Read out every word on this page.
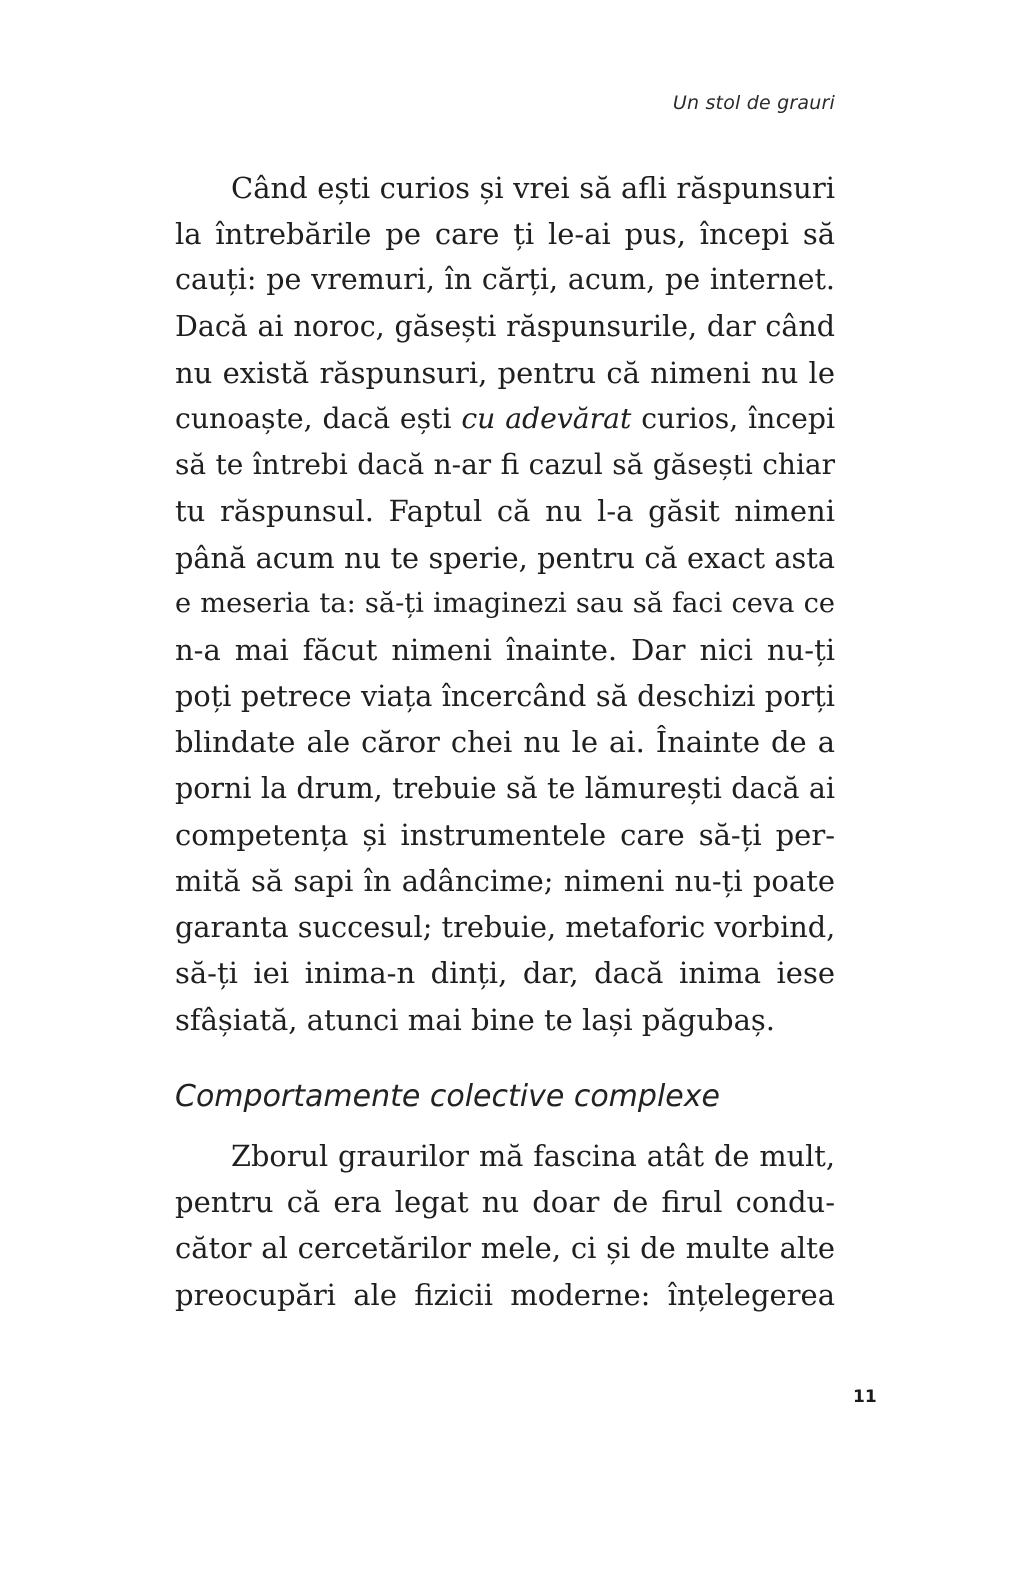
Un stol de grauri
Când ești curios și vrei să afli răspunsuri
la întrebările pe care ți le-ai pus, începi să
cauți: pe vremuri, în cărți, acum, pe internet.
Dacă ai noroc, găsești răspunsurile, dar când
nu există răspunsuri, pentru că nimeni nu le
cunoaște, dacă ești cu adevărat curios, începi
să te întrebi dacă n-ar fi cazul să găsești chiar
tu răspunsul. Faptul că nu l-a găsit nimeni
până acum nu te sperie, pentru că exact asta
e meseria ta: să-ți imaginezi sau să faci ceva ce
n-a mai făcut nimeni înainte. Dar nici nu-ți
poți petrece viața încercând să deschizi porți
blindate ale căror chei nu le ai. Înainte de a
porni la drum, trebuie să te lămurești dacă ai
competența și instrumentele care să-ți per-
mită să sapi în adâncime; nimeni nu-ți poate
garanta succesul; trebuie, metaforic vorbind,
să-ți iei inima-n dinți, dar, dacă inima iese
sfâșiată, atunci mai bine te lași păgubaș.
Comportamente colective complexe
Zborul graurilor mă fascina atât de mult,
pentru că era legat nu doar de firul condu-
cător al cercetărilor mele, ci și de multe alte
preocupări ale fizicii moderne: înțelegerea
11
